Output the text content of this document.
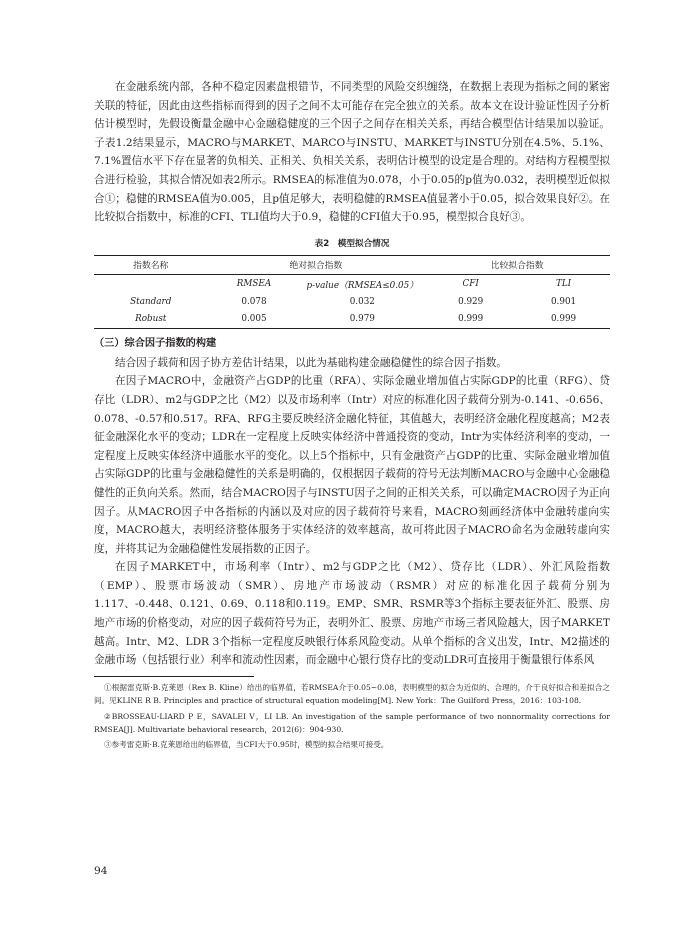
在金融系统内部，各种不稳定因素盘根错节，不同类型的风险交织缠绕，在数据上表现为指标之间的紧密关联的特征，因此由这些指标而得到的因子之间不太可能存在完全独立的关系。故本文在设计验证性因子分析估计模型时，先假设衡量金融中心金融稳健度的三个因子之间存在相关关系，再结合模型估计结果加以验证。子表1.2结果显示，MACRO与MARKET、MARCO与INSTU、MARKET与INSTU分别在4.5%、5.1%、7.1%置信水平下存在显著的负相关、正相关、负相关关系，表明估计模型的设定是合理的。对结构方程模型拟合进行检验，其拟合情况如表2所示。RMSEA的标准值为0.078，小于0.05的p值为0.032，表明模型近似拟合①；稳健的RMSEA值为0.005，且p值足够大，表明稳健的RMSEA值显著小于0.05，拟合效果良好②。在比较拟合指数中，标准的CFI、TLI值均大于0.9，稳健的CFI值大于0.95，模型拟合良好③。

表2　模型拟合情况
指数名称	绝对拟合指数		比较拟合指数	
	RMSEA	p-value（RMSEA≤0.05）	CFI	TLI
Standard	0.078	0.032	0.929	0.901
Robust	0.005	0.979	0.999	0.999
（三）综合因子指数的构建

结合因子载荷和因子协方差估计结果，以此为基础构建金融稳健性的综合因子指数。

在因子MACRO中，金融资产占GDP的比重（RFA）、实际金融业增加值占实际GDP的比重（RFG）、贷存比（LDR）、m2与GDP之比（M2）以及市场利率（Intr）对应的标准化因子载荷分别为-0.141、-0.656、0.078、-0.57和0.517。RFA、RFG主要反映经济金融化特征，其值越大，表明经济金融化程度越高；M2表征金融深化水平的变动；LDR在一定程度上反映实体经济中普通投资的变动，Intr为实体经济利率的变动，一定程度上反映实体经济中通胀水平的变化。以上5个指标中，只有金融资产占GDP的比重、实际金融业增加值占实际GDP的比重与金融稳健性的关系是明确的，仅根据因子载荷的符号无法判断MACRO与金融中心金融稳健性的正负向关系。然而，结合MACRO因子与INSTU因子之间的正相关关系，可以确定MACRO因子为正向因子。从MACRO因子中各指标的内涵以及对应的因子载荷符号来看，MACRO刻画经济体中金融转虚向实度，MACRO越大，表明经济整体服务于实体经济的效率越高，故可将此因子MACRO命名为金融转虚向实度，并将其记为金融稳健性发展指数的正因子。

在因子MARKET中，市场利率（Intr）、m2与GDP之比（M2）、贷存比（LDR）、外汇风险指数（EMP）、股票市场波动（SMR）、房地产市场波动（RSMR）对应的标准化因子载荷分别为1.117、-0.448、0.121、0.69、0.118和0.119。EMP、SMR、RSMR等3个指标主要表征外汇、股票、房地产市场的价格变动，对应的因子载荷符号为正，表明外汇、股票、房地产市场三者风险越大，因子MARKET越高。Intr、M2、LDR 3个指标一定程度反映银行体系风险变动。从单个指标的含义出发，Intr、M2描述的金融市场（包括银行业）利率和流动性因素，而金融中心银行贷存比的变动LDR可直接用于衡量银行体系风

①根据雷克斯·B.克莱恩（Rex B. Kline）给出的临界值，若RMSEA介于0.05~0.08，表明模型的拟合为近似的、合理的，介于良好拟合和差拟合之间。见KLINE R B. Principles and practice of structural equation modeling[M]. New York：The Guilford Press，2016：103-108.

②BROSSEAU-LIARD P E，SAVALEI V，LI LB. An investigation of the sample performance of two nonnormality corrections for RMSEA[J]. Multivariate behavioral research，2012(6)：904-930.

③参考雷克斯·B.克莱恩给出的临界值，当CFI大于0.95时，模型的拟合结果可接受。

94
